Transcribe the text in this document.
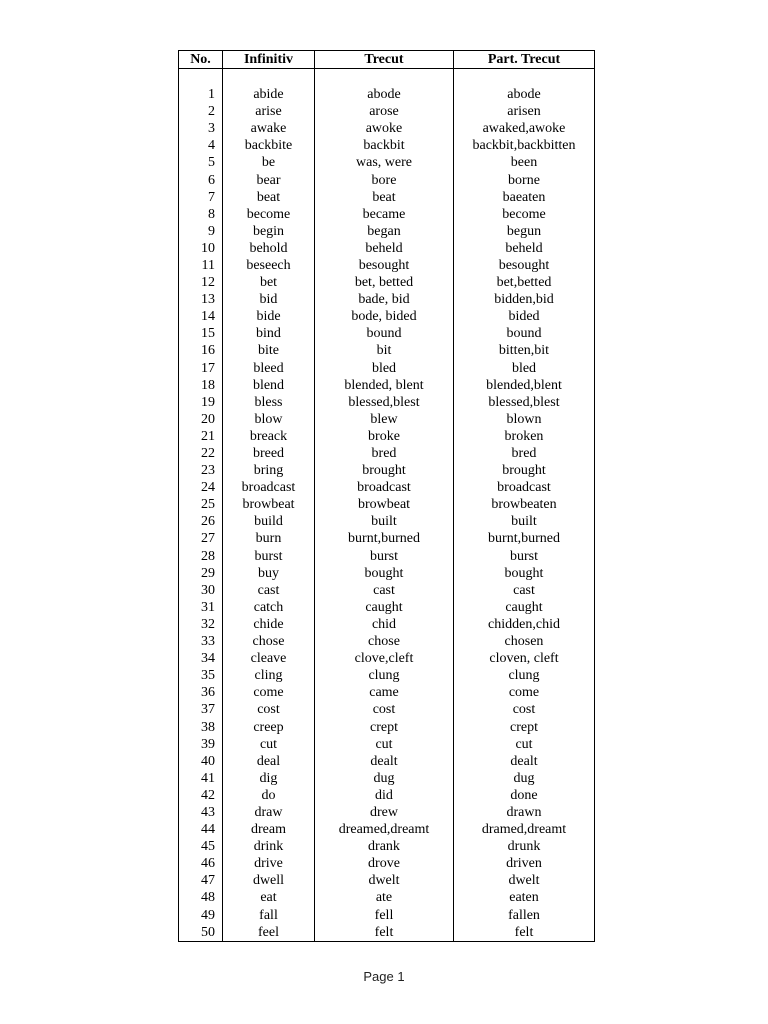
No.	Infinitiv	Trecut	Part. Trecut

1	abide	abode	abode
2	arise	arose	arisen
3	awake	awoke	awaked,awoke
4	backbite	backbit	backbit,backbitten
5	be	was, were	been
6	bear	bore	borne
7	beat	beat	baeaten
8	become	became	become
9	begin	began	begun
10	behold	beheld	beheld
11	beseech	besought	besought
12	bet	bet, betted	bet,betted
13	bid	bade, bid	bidden,bid
14	bide	bode, bided	bided
15	bind	bound	bound
16	bite	bit	bitten,bit
17	bleed	bled	bled
18	blend	blended, blent	blended,blent
19	bless	blessed,blest	blessed,blest
20	blow	blew	blown
21	breack	broke	broken
22	breed	bred	bred
23	bring	brought	brought
24	broadcast	broadcast	broadcast
25	browbeat	browbeat	browbeaten
26	build	built	built
27	burn	burnt,burned	burnt,burned
28	burst	burst	burst
29	buy	bought	bought
30	cast	cast	cast
31	catch	caught	caught
32	chide	chid	chidden,chid
33	chose	chose	chosen
34	cleave	clove,cleft	cloven, cleft
35	cling	clung	clung
36	come	came	come
37	cost	cost	cost
38	creep	crept	crept
39	cut	cut	cut
40	deal	dealt	dealt
41	dig	dug	dug
42	do	did	done
43	draw	drew	drawn
44	dream	dreamed,dreamt	dramed,dreamt
45	drink	drank	drunk
46	drive	drove	driven
47	dwell	dwelt	dwelt
48	eat	ate	eaten
49	fall	fell	fallen
50	feel	felt	felt
Page 1
